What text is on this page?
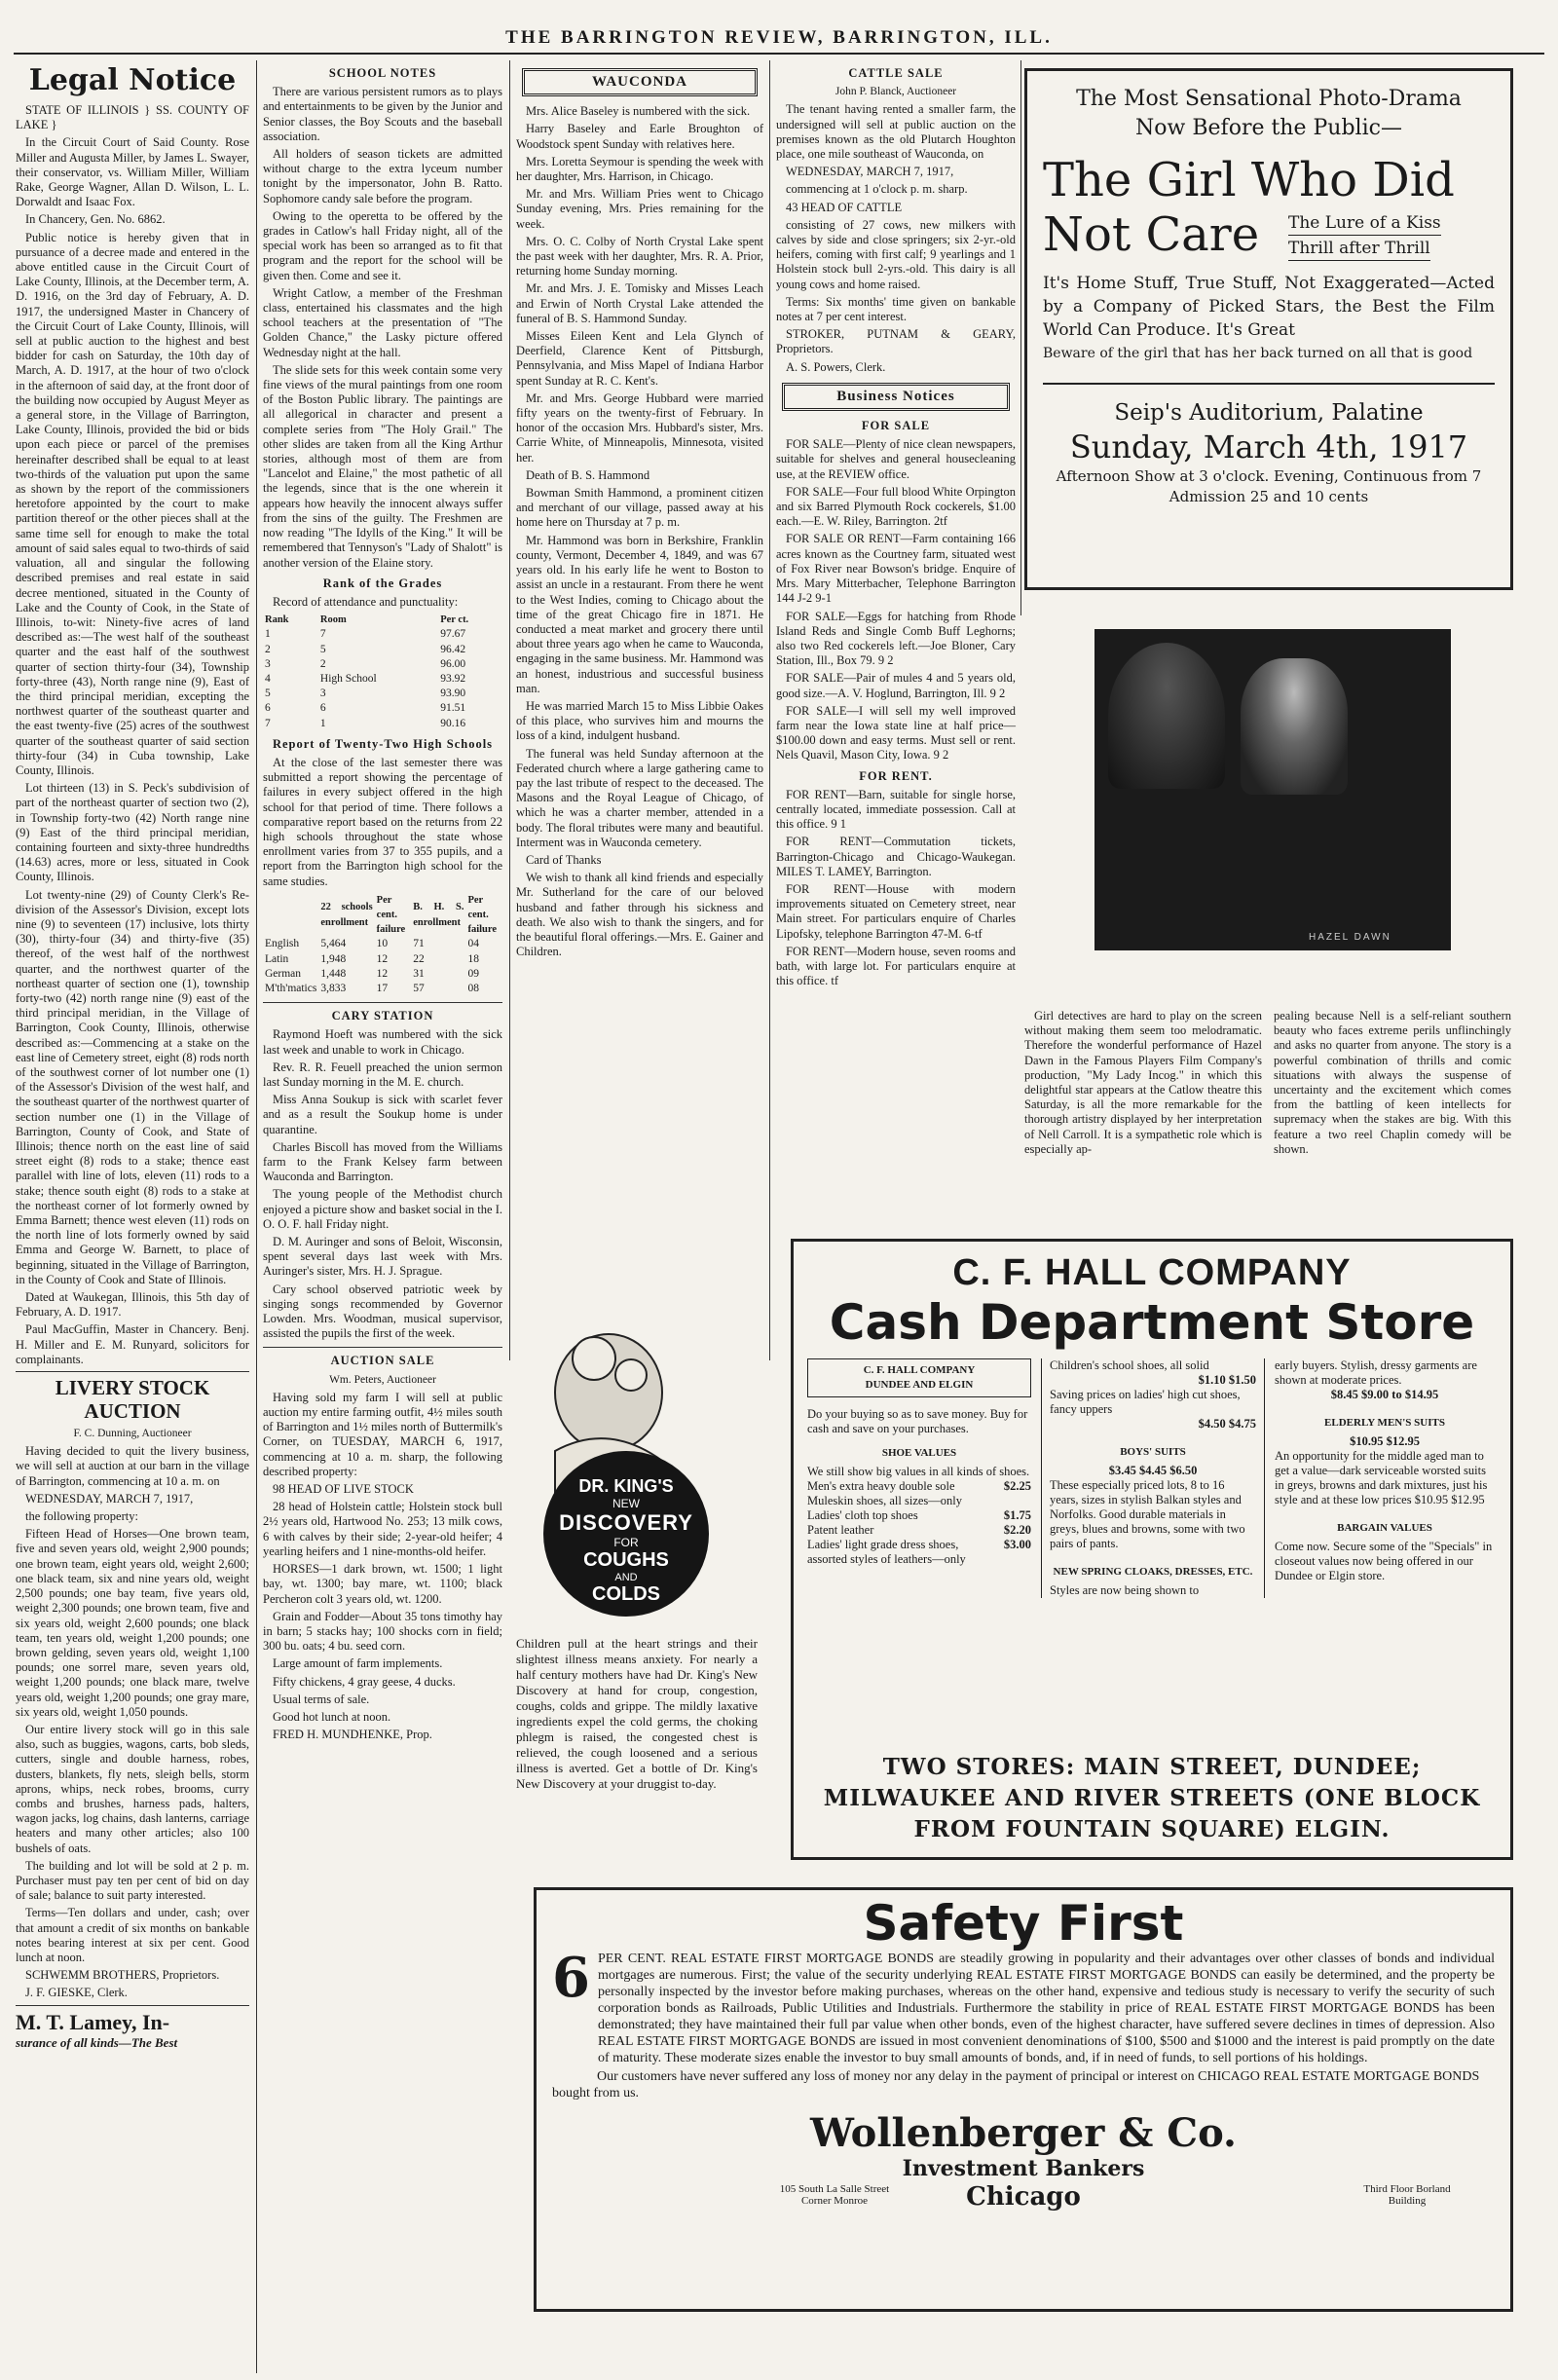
THE BARRINGTON REVIEW, BARRINGTON, ILL.
Legal Notice

STATE OF ILLINOIS } SS. COUNTY OF LAKE }

In the Circuit Court of Said County. Rose Miller and Augusta Miller, by James L. Swayer, their conservator, vs. William Miller, William Rake, George Wagner, Allan D. Wilson, L. L. Dorwaldt and Isaac Fox.

In Chancery, Gen. No. 6862.

Public notice is hereby given that in pursuance of a decree made and entered in the above entitled cause in the Circuit Court of Lake County, Illinois, at the December term, A. D. 1916, on the 3rd day of February, A. D. 1917, the undersigned Master in Chancery of the Circuit Court of Lake County, Illinois, will sell at public auction to the highest and best bidder for cash on Saturday, the 10th day of March, A. D. 1917, at the hour of two o'clock in the afternoon of said day, at the front door of the building now occupied by August Meyer as a general store, in the Village of Barrington, Lake County, Illinois, provided the bid or bids upon each piece or parcel of the premises hereinafter described shall be equal to at least two-thirds of the valuation put upon the same as shown by the report of the commissioners heretofore appointed by the court to make partition thereof or the other pieces shall at the same time sell for enough to make the total amount of said sales equal to two-thirds of said valuation, all and singular the following described premises and real estate in said decree mentioned, situated in the County of Lake and the County of Cook, in the State of Illinois, to-wit: Ninety-five acres of land described as:—The west half of the southeast quarter and the east half of the southwest quarter of section thirty-four (34), Township forty-three (43), North range nine (9), East of the third principal meridian, excepting the northwest quarter of the southeast quarter and the east twenty-five (25) acres of the southwest quarter of the southeast quarter of said section thirty-four (34) in Cuba township, Lake County, Illinois.

Lot thirteen (13) in S. Peck's subdivision of part of the northeast quarter of section two (2), in Township forty-two (42) North range nine (9) East of the third principal meridian, containing fourteen and sixty-three hundredths (14.63) acres, more or less, situated in Cook County, Illinois.

Lot twenty-nine (29) of County Clerk's Re-division of the Assessor's Division, except lots nine (9) to seventeen (17) inclusive, lots thirty (30), thirty-four (34) and thirty-five (35) thereof, of the west half of the northwest quarter, and the northwest quarter of the northeast quarter of section one (1), township forty-two (42) north range nine (9) east of the third principal meridian, in the Village of Barrington, Cook County, Illinois, otherwise described as:—Commencing at a stake on the east line of Cemetery street, eight (8) rods north of the southwest corner of lot number one (1) of the Assessor's Division of the west half, and the southeast quarter of the northwest quarter of section number one (1) in the Village of Barrington, County of Cook, and State of Illinois; thence north on the east line of said street eight (8) rods to a stake; thence east parallel with line of lots, eleven (11) rods to a stake; thence south eight (8) rods to a stake at the northeast corner of lot formerly owned by Emma Barnett; thence west eleven (11) rods on the north line of lots formerly owned by said Emma and George W. Barnett, to place of beginning, situated in the Village of Barrington, in the County of Cook and State of Illinois.

Dated at Waukegan, Illinois, this 5th day of February, A. D. 1917.

Paul MacGuffin, Master in Chancery. Benj. H. Miller and E. M. Runyard, solicitors for complainants.

LIVERY STOCK AUCTION

F. C. Dunning, Auctioneer

Having decided to quit the livery business, we will sell at auction at our barn in the village of Barrington, commencing at 10 a. m. on

WEDNESDAY, MARCH 7, 1917,

the following property:

Fifteen Head of Horses—One brown team, five and seven years old, weight 2,900 pounds; one brown team, eight years old, weight 2,600; one black team, six and nine years old, weight 2,500 pounds; one bay team, five years old, weight 2,300 pounds; one brown team, five and six years old, weight 2,600 pounds; one black team, ten years old, weight 1,200 pounds; one brown gelding, seven years old, weight 1,100 pounds; one sorrel mare, seven years old, weight 1,200 pounds; one black mare, twelve years old, weight 1,200 pounds; one gray mare, six years old, weight 1,050 pounds.

Our entire livery stock will go in this sale also, such as buggies, wagons, carts, bob sleds, cutters, single and double harness, robes, dusters, blankets, fly nets, sleigh bells, storm aprons, whips, neck robes, brooms, curry combs and brushes, harness pads, halters, wagon jacks, log chains, dash lanterns, carriage heaters and many other articles; also 100 bushels of oats.

The building and lot will be sold at 2 p. m. Purchaser must pay ten per cent of bid on day of sale; balance to suit party interested.

Terms—Ten dollars and under, cash; over that amount a credit of six months on bankable notes bearing interest at six per cent. Good lunch at noon.

SCHWEMM BROTHERS, Proprietors.

J. F. GIESKE, Clerk.

M. T. Lamey, In-
surance of all kinds—The Best
SCHOOL NOTES

There are various persistent rumors as to plays and entertainments to be given by the Junior and Senior classes, the Boy Scouts and the baseball association.

All holders of season tickets are admitted without charge to the extra lyceum number tonight by the impersonator, John B. Ratto. Sophomore candy sale before the program.

Owing to the operetta to be offered by the grades in Catlow's hall Friday night, all of the special work has been so arranged as to fit that program and the report for the school will be given then. Come and see it.

Wright Catlow, a member of the Freshman class, entertained his classmates and the high school teachers at the presentation of "The Golden Chance," the Lasky picture offered Wednesday night at the hall.

The slide sets for this week contain some very fine views of the mural paintings from one room of the Boston Public library. The paintings are all allegorical in character and present a complete series from "The Holy Grail." The other slides are taken from all the King Arthur stories, although most of them are from "Lancelot and Elaine," the most pathetic of all the legends, since that is the one wherein it appears how heavily the innocent always suffer from the sins of the guilty. The Freshmen are now reading "The Idylls of the King." It will be remembered that Tennyson's "Lady of Shalott" is another version of the Elaine story.

Rank of the Grades

Record of attendance and punctuality:

Rank	Room	Per ct.
1	7	97.67
2	5	96.42
3	2	96.00
4	High School	93.92
5	3	93.90
6	6	91.51
7	1	90.16
Report of Twenty-Two High Schools

At the close of the last semester there was submitted a report showing the percentage of failures in every subject offered in the high school for that period of time. There follows a comparative report based on the returns from 22 high schools throughout the state whose enrollment varies from 37 to 355 pupils, and a report from the Barrington high school for the same studies.

	22 schools enrollment	Per cent. failure	B. H. S. enrollment	Per cent. failure
English	5,464	10	71	04
Latin	1,948	12	22	18
German	1,448	12	31	09
M'th'matics	3,833	17	57	08
CARY STATION

Raymond Hoeft was numbered with the sick last week and unable to work in Chicago.

Rev. R. R. Feuell preached the union sermon last Sunday morning in the M. E. church.

Miss Anna Soukup is sick with scarlet fever and as a result the Soukup home is under quarantine.

Charles Biscoll has moved from the Williams farm to the Frank Kelsey farm between Wauconda and Barrington.

The young people of the Methodist church enjoyed a picture show and basket social in the I. O. O. F. hall Friday night.

D. M. Auringer and sons of Beloit, Wisconsin, spent several days last week with Mrs. Auringer's sister, Mrs. H. J. Sprague.

Cary school observed patriotic week by singing songs recommended by Governor Lowden. Mrs. Woodman, musical supervisor, assisted the pupils the first of the week.

AUCTION SALE

Wm. Peters, Auctioneer

Having sold my farm I will sell at public auction my entire farming outfit, 4½ miles south of Barrington and 1½ miles north of Buttermilk's Corner, on TUESDAY, MARCH 6, 1917, commencing at 10 a. m. sharp, the following described property:

98 HEAD OF LIVE STOCK

28 head of Holstein cattle; Holstein stock bull 2½ years old, Hartwood No. 253; 13 milk cows, 6 with calves by their side; 2-year-old heifer; 4 yearling heifers and 1 nine-months-old heifer.

HORSES—1 dark brown, wt. 1500; 1 light bay, wt. 1300; bay mare, wt. 1100; black Percheron colt 3 years old, wt. 1200.

Grain and Fodder—About 35 tons timothy hay in barn; 5 stacks hay; 100 shocks corn in field; 300 bu. oats; 4 bu. seed corn.

Large amount of farm implements.

Fifty chickens, 4 gray geese, 4 ducks.

Usual terms of sale.

Good hot lunch at noon.

FRED H. MUNDHENKE, Prop.

WAUCONDA

Mrs. Alice Baseley is numbered with the sick.

Harry Baseley and Earle Broughton of Woodstock spent Sunday with relatives here.

Mrs. Loretta Seymour is spending the week with her daughter, Mrs. Harrison, in Chicago.

Mr. and Mrs. William Pries went to Chicago Sunday evening, Mrs. Pries remaining for the week.

Mrs. O. C. Colby of North Crystal Lake spent the past week with her daughter, Mrs. R. A. Prior, returning home Sunday morning.

Mr. and Mrs. J. E. Tomisky and Misses Leach and Erwin of North Crystal Lake attended the funeral of B. S. Hammond Sunday.

Misses Eileen Kent and Lela Glynch of Deerfield, Clarence Kent of Pittsburgh, Pennsylvania, and Miss Mapel of Indiana Harbor spent Sunday at R. C. Kent's.

Mr. and Mrs. George Hubbard were married fifty years on the twenty-first of February. In honor of the occasion Mrs. Hubbard's sister, Mrs. Carrie White, of Minneapolis, Minnesota, visited her.

Death of B. S. Hammond

Bowman Smith Hammond, a prominent citizen and merchant of our village, passed away at his home here on Thursday at 7 p. m.

Mr. Hammond was born in Berkshire, Franklin county, Vermont, December 4, 1849, and was 67 years old. In his early life he went to Boston to assist an uncle in a restaurant. From there he went to the West Indies, coming to Chicago about the time of the great Chicago fire in 1871. He conducted a meat market and grocery there until about three years ago when he came to Wauconda, engaging in the same business. Mr. Hammond was an honest, industrious and successful business man.

He was married March 15 to Miss Libbie Oakes of this place, who survives him and mourns the loss of a kind, indulgent husband.

The funeral was held Sunday afternoon at the Federated church where a large gathering came to pay the last tribute of respect to the deceased. The Masons and the Royal League of Chicago, of which he was a charter member, attended in a body. The floral tributes were many and beautiful. Interment was in Wauconda cemetery.

Card of Thanks

We wish to thank all kind friends and especially Mr. Sutherland for the care of our beloved husband and father through his sickness and death. We also wish to thank the singers, and for the beautiful floral offerings.—Mrs. E. Gainer and Children.

DR. KING'S
NEW
DISCOVERY
FOR
COUGHS
AND
COLDS

Children pull at the heart strings and their slightest illness means anxiety. For nearly a half century mothers have had Dr. King's New Discovery at hand for croup, congestion, coughs, colds and grippe. The mildly laxative ingredients expel the cold germs, the choking phlegm is raised, the congested chest is relieved, the cough loosened and a serious illness is averted. Get a bottle of Dr. King's New Discovery at your druggist to-day.

CATTLE SALE

John P. Blanck, Auctioneer

The tenant having rented a smaller farm, the undersigned will sell at public auction on the premises known as the old Plutarch Houghton place, one mile southeast of Wauconda, on

WEDNESDAY, MARCH 7, 1917,

commencing at 1 o'clock p. m. sharp.

43 HEAD OF CATTLE

consisting of 27 cows, new milkers with calves by side and close springers; six 2-yr.-old heifers, coming with first calf; 9 yearlings and 1 Holstein stock bull 2-yrs.-old. This dairy is all young cows and home raised.

Terms: Six months' time given on bankable notes at 7 per cent interest.

STROKER, PUTNAM & GEARY, Proprietors.

A. S. Powers, Clerk.

Business Notices
FOR SALE

FOR SALE—Plenty of nice clean newspapers, suitable for shelves and general housecleaning use, at the REVIEW office.

FOR SALE—Four full blood White Orpington and six Barred Plymouth Rock cockerels, $1.00 each.—E. W. Riley, Barrington. 2tf

FOR SALE OR RENT—Farm containing 166 acres known as the Courtney farm, situated west of Fox River near Bowson's bridge. Enquire of Mrs. Mary Mitterbacher, Telephone Barrington 144 J-2 9-1

FOR SALE—Eggs for hatching from Rhode Island Reds and Single Comb Buff Leghorns; also two Red cockerels left.—Joe Bloner, Cary Station, Ill., Box 79. 9 2

FOR SALE—Pair of mules 4 and 5 years old, good size.—A. V. Hoglund, Barrington, Ill. 9 2

FOR SALE—I will sell my well improved farm near the Iowa state line at half price—$100.00 down and easy terms. Must sell or rent. Nels Quavil, Mason City, Iowa. 9 2

FOR RENT.

FOR RENT—Barn, suitable for single horse, centrally located, immediate possession. Call at this office. 9 1

FOR RENT—Commutation tickets, Barrington-Chicago and Chicago-Waukegan. MILES T. LAMEY, Barrington.

FOR RENT—House with modern improvements situated on Cemetery street, near Main street. For particulars enquire of Charles Lipofsky, telephone Barrington 47-M. 6-tf

FOR RENT—Modern house, seven rooms and bath, with large lot. For particulars enquire at this office. tf

The Most Sensational Photo-Drama
Now Before the Public—
The Girl Who Did
Not Care The Lure of a Kiss
Thrill after Thrill
It's Home Stuff, True Stuff, Not Exaggerated—Acted by a Company of Picked Stars, the Best the Film World Can Produce. It's Great
Beware of the girl that has her back turned on all that is good
Seip's Auditorium, Palatine
Sunday, March 4th, 1917
Afternoon Show at 3 o'clock. Evening, Continuous from 7
Admission 25 and 10 cents
HAZEL DAWN

Girl detectives are hard to play on the screen without making them seem too melodramatic. Therefore the wonderful performance of Hazel Dawn in the Famous Players Film Company's production, "My Lady Incog." in which this delightful star appears at the Catlow theatre this Saturday, is all the more remarkable for the thorough artistry displayed by her interpretation of Nell Carroll. It is a sympathetic role which is especially ap-

pealing because Nell is a self-reliant southern beauty who faces extreme perils unflinchingly and asks no quarter from anyone. The story is a powerful combination of thrills and comic situations with always the suspense of uncertainty and the excitement which comes from the battling of keen intellects for supremacy when the stakes are big. With this feature a two reel Chaplin comedy will be shown.

C. F. HALL COMPANY
Cash Department Store
C. F. HALL COMPANY
DUNDEE AND ELGIN

Do your buying so as to save money. Buy for cash and save on your purchases.

SHOE VALUES

We still show big values in all kinds of shoes.

Men's extra heavy double sole Muleskin shoes, all sizes—only
$2.25
Ladies' cloth top shoes	$1.75
Patent leather	$2.20
Ladies' light grade dress shoes, assorted styles of leathers—only
$3.00

Children's school shoes, all solid

$1.10 $1.50

Saving prices on ladies' high cut shoes, fancy uppers

$4.50 $4.75

BOYS' SUITS

$3.45 $4.45 $6.50

These especially priced lots, 8 to 16 years, sizes in stylish Balkan styles and Norfolks. Good durable materials in greys, blues and browns, some with two pairs of pants.

NEW SPRING CLOAKS, DRESSES, ETC.

Styles are now being shown to

early buyers. Stylish, dressy garments are shown at moderate prices.

$8.45 $9.00 to $14.95

ELDERLY MEN'S SUITS

$10.95 $12.95

An opportunity for the middle aged man to get a value—dark serviceable worsted suits in greys, browns and dark mixtures, just his style and at these low prices $10.95 $12.95

BARGAIN VALUES

Come now. Secure some of the "Specials" in closeout values now being offered in our Dundee or Elgin store.

TWO STORES: MAIN STREET, DUNDEE; MILWAUKEE AND RIVER STREETS (ONE BLOCK FROM FOUNTAIN SQUARE) ELGIN.
Safety First
6 PER CENT. REAL ESTATE FIRST MORTGAGE BONDS are steadily growing in popularity and their advantages over other classes of bonds and individual mortgages are numerous. First; the value of the security underlying REAL ESTATE FIRST MORTGAGE BONDS can easily be determined, and the property be personally inspected by the investor before making purchases, whereas on the other hand, expensive and tedious study is necessary to verify the security of such corporation bonds as Railroads, Public Utilities and Industrials. Furthermore the stability in price of REAL ESTATE FIRST MORTGAGE BONDS has been demonstrated; they have maintained their full par value when other bonds, even of the highest character, have suffered severe declines in times of depression. Also REAL ESTATE FIRST MORTGAGE BONDS are issued in most convenient denominations of $100, $500 and $1000 and the interest is paid promptly on the date of maturity. These moderate sizes enable the investor to buy small amounts of bonds, and, if in need of funds, to sell portions of his holdings.

Our customers have never suffered any loss of money nor any delay in the payment of principal or interest on CHICAGO REAL ESTATE MORTGAGE BONDS bought from us.

Wollenberger & Co.
Investment Bankers
105 South La Salle Street Corner Monroe	Chicago	Third Floor Borland Building
